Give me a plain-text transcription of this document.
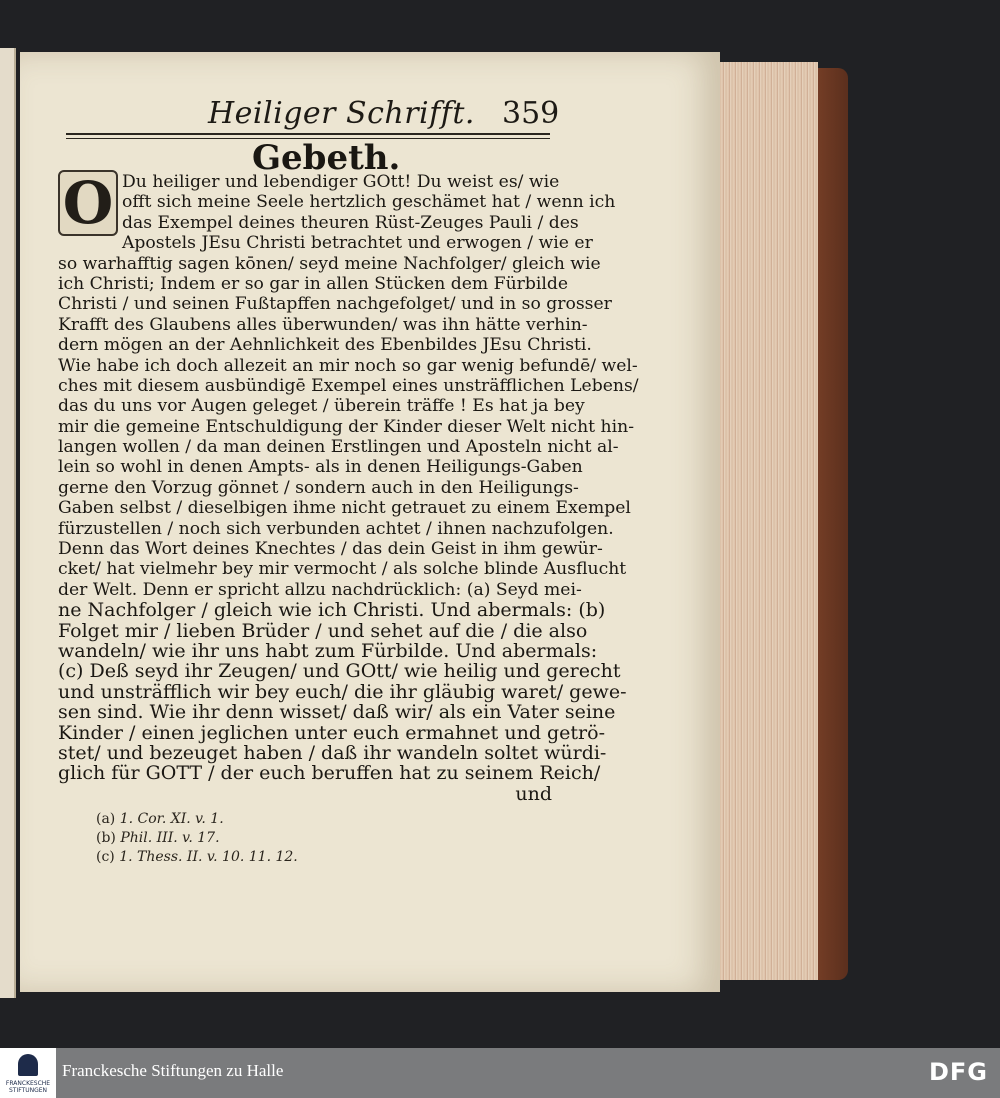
Heiliger Schrifft. 359
Gebeth.
O Du heiliger und lebendiger GOtt! Du weist es/ wie
offt sich meine Seele hertzlich geschämet hat / wenn ich
das Exempel deines theuren Rüst-Zeuges Pauli / des
Apostels JEsu Christi betrachtet und erwogen / wie er
so warhafftig sagen kōnen/ seyd meine Nachfolger/ gleich wie
ich Christi; Indem er so gar in allen Stücken dem Fürbilde
Christi / und seinen Fußtapffen nachgefolget/ und in so grosser
Krafft des Glaubens alles überwunden/ was ihn hätte verhin-
dern mögen an der Aehnlichkeit des Ebenbildes JEsu Christi.
Wie habe ich doch allezeit an mir noch so gar wenig befundē/ wel-
ches mit diesem ausbündigē Exempel eines unsträfflichen Lebens/
das du uns vor Augen geleget / überein träffe ! Es hat ja bey
mir die gemeine Entschuldigung der Kinder dieser Welt nicht hin-
langen wollen / da man deinen Erstlingen und Aposteln nicht al-
lein so wohl in denen Ampts- als in denen Heiligungs-Gaben
gerne den Vorzug gönnet / sondern auch in den Heiligungs-
Gaben selbst / dieselbigen ihme nicht getrauet zu einem Exempel
fürzustellen / noch sich verbunden achtet / ihnen nachzufolgen.
Denn das Wort deines Knechtes / das dein Geist in ihm gewür-
cket/ hat vielmehr bey mir vermocht / als solche blinde Ausflucht
der Welt. Denn er spricht allzu nachdrücklich: (a) Seyd mei-
ne Nachfolger / gleich wie ich Christi. Und abermals: (b)
Folget mir / lieben Brüder / und sehet auf die / die also
wandeln/ wie ihr uns habt zum Fürbilde. Und abermals:
(c) Deß seyd ihr Zeugen/ und GOtt/ wie heilig und gerecht
und unsträfflich wir bey euch/ die ihr gläubig waret/ gewe-
sen sind. Wie ihr denn wisset/ daß wir/ als ein Vater seine
Kinder / einen jeglichen unter euch ermahnet und getrö-
stet/ und bezeuget haben / daß ihr wandeln soltet würdi-
glich für GOTT / der euch beruffen hat zu seinem Reich/
und
(a) 1. Cor. XI. v. 1.
(b) Phil. III. v. 17.
(c) 1. Thess. II. v. 10. 11. 12.
FRANCKESCHE STIFTUNGEN
Franckesche Stiftungen zu Halle	DFG
